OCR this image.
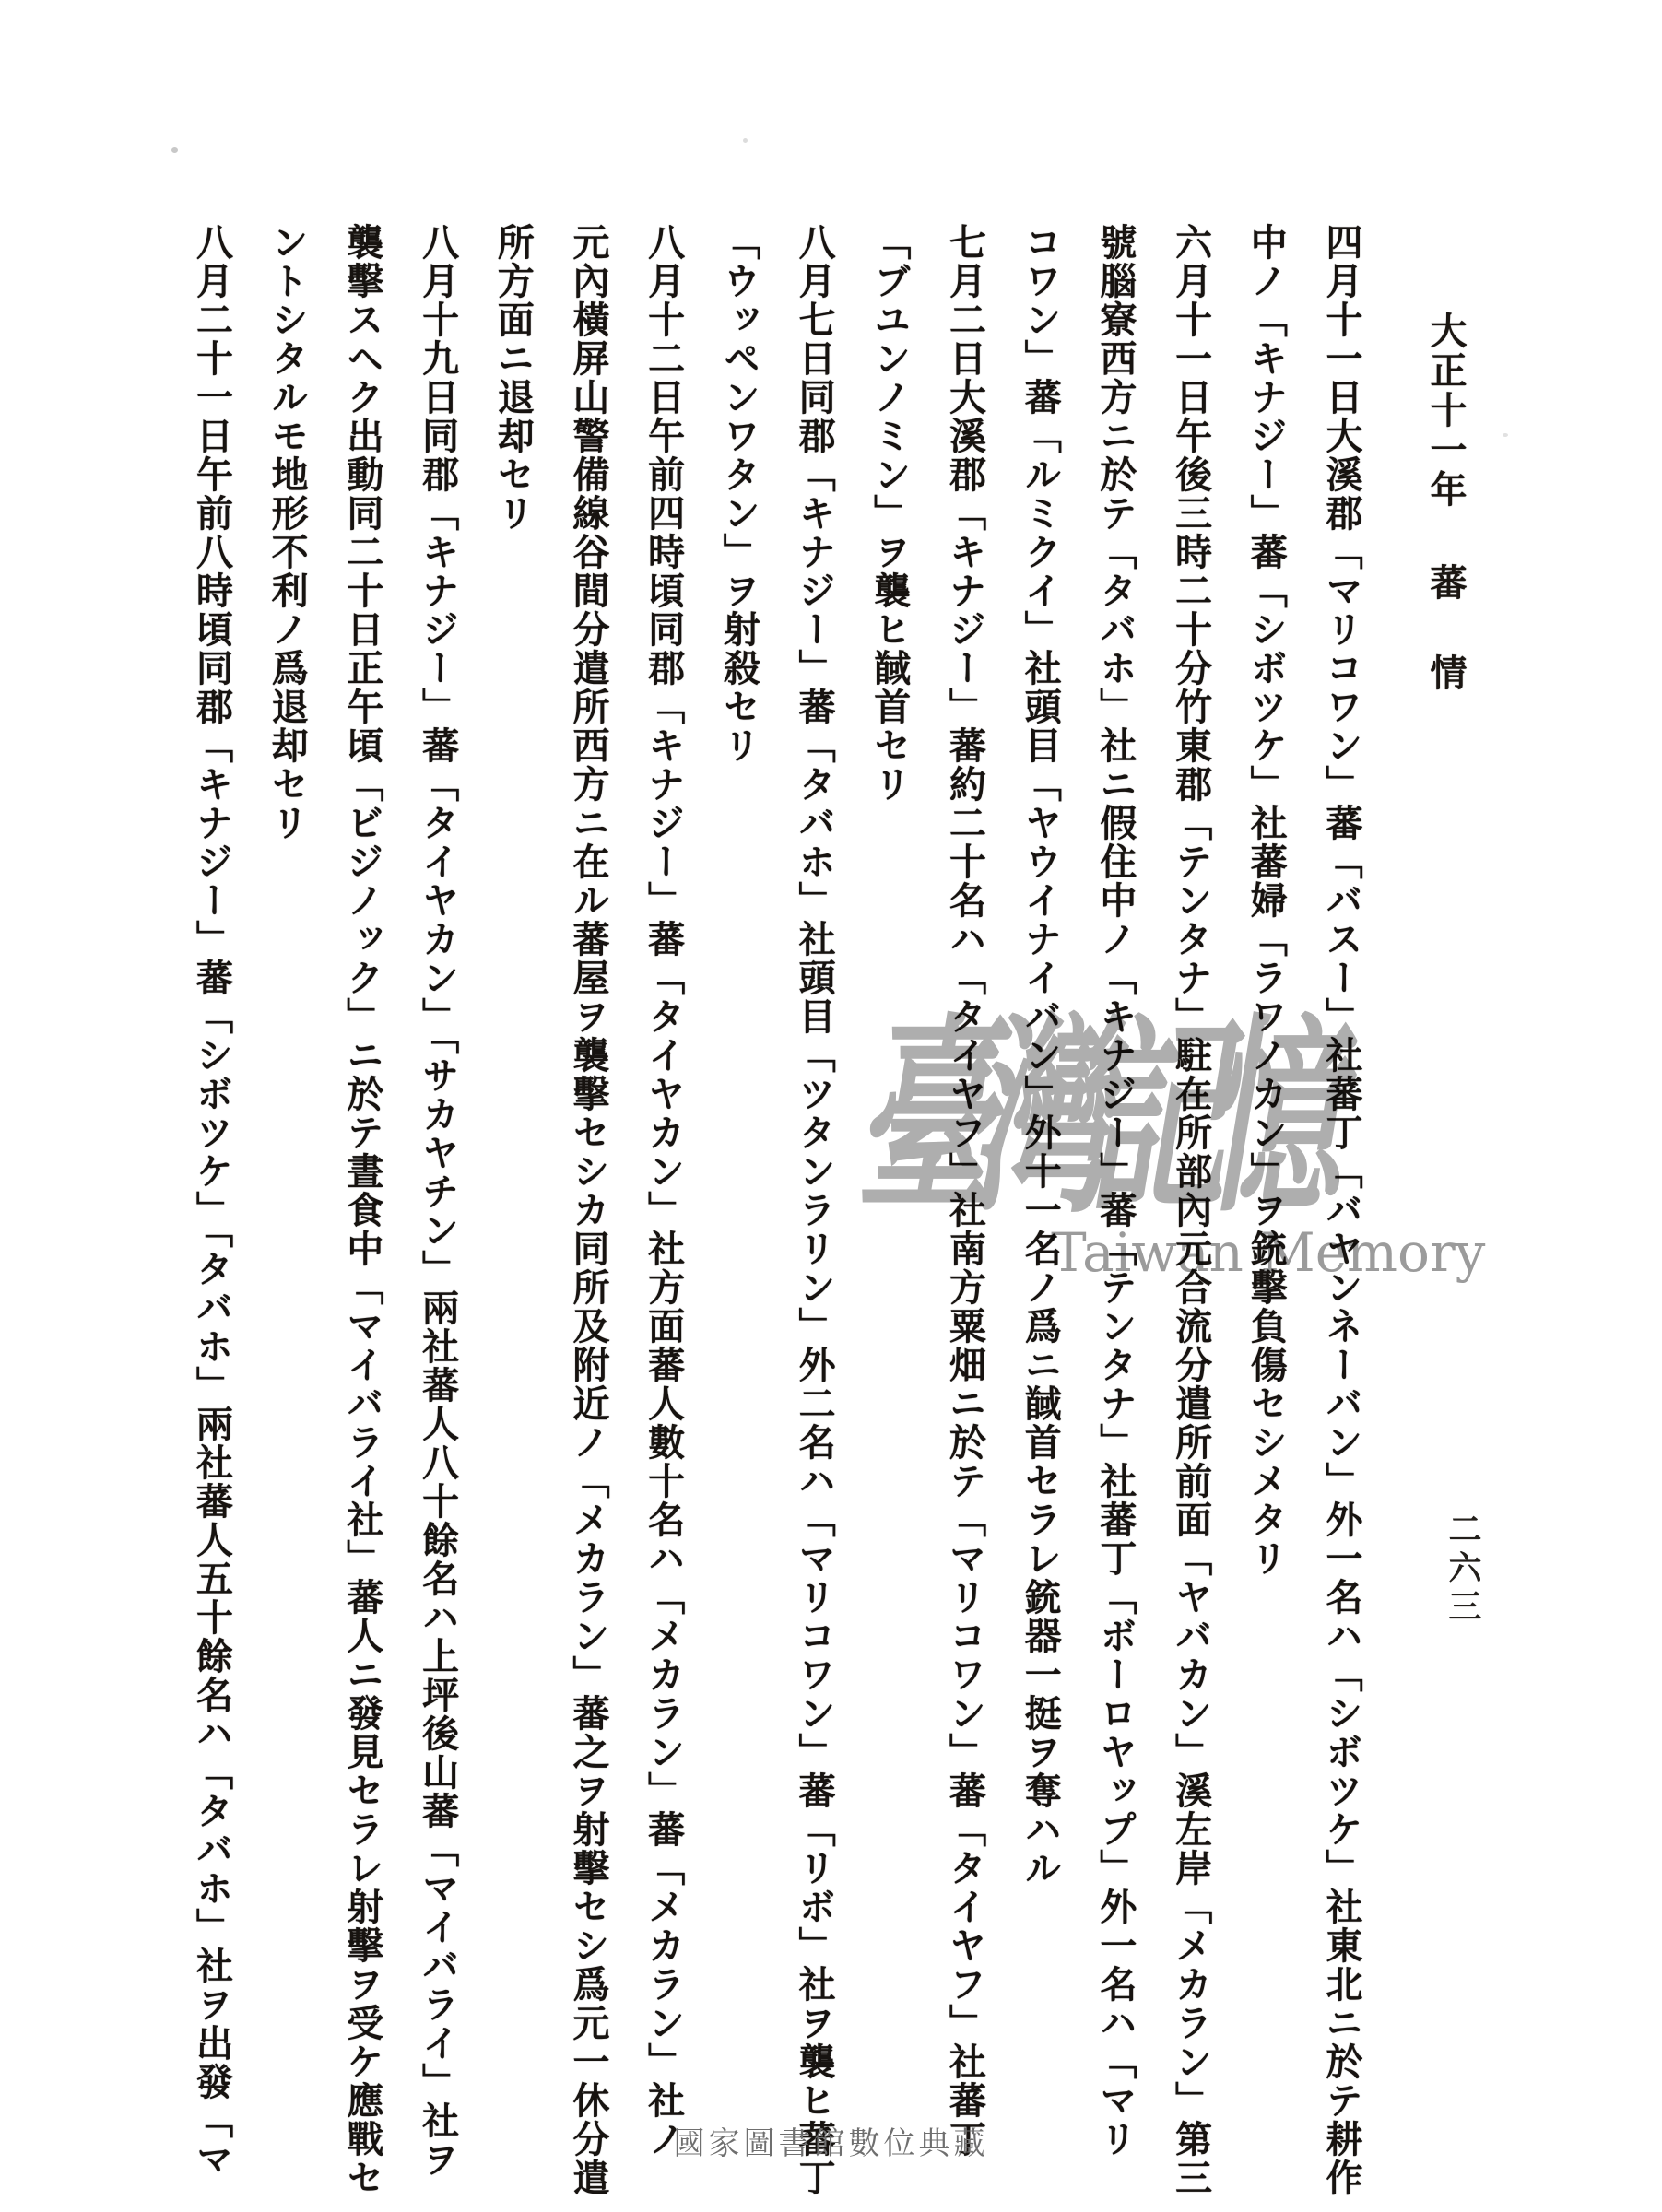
大正十一年蕃情
二六三

四月十一日大溪郡「マリコワン」蕃「バスー」社蕃丁「バヤンネーバン」外一名ハ「シボツケ」社東北ニ於テ耕作

中ノ「キナジー」蕃「シボツケ」社蕃婦「ラワノカン」ヲ銃擊負傷セシメタリ

六月十一日午後三時二十分竹東郡「テンタナ」駐在所部內元合流分遣所前面「ヤバカン」溪左岸「メカラン」第三

號腦寮西方ニ於テ「タバホ」社ニ假住中ノ「キナジー」蕃「テンタナ」社蕃丁「ボーロヤップ」外一名ハ「マリ

コワン」蕃「ルミクイ」社頭目「ヤウイナイバン」外十一名ノ爲ニ馘首セラレ銃器一挺ヲ奪ハル

七月二日大溪郡「キナジー」蕃約二十名ハ「タイヤフ」社南方粟畑ニ於テ「マリコワン」蕃「タイヤフ」社蕃丁

「ブユンノミン」ヲ襲ヒ馘首セリ

八月七日同郡「キナジー」蕃「タバホ」社頭目「ツタンラリン」外二名ハ「マリコワン」蕃「リボ」社ヲ襲ヒ蕃丁

「ウッペンワタン」ヲ射殺セリ

八月十二日午前四時頃同郡「キナジー」蕃「タイヤカン」社方面蕃人數十名ハ「メカラン」蕃「メカラン」社ノ

元內橫屏山警備線谷間分遣所西方ニ在ル蕃屋ヲ襲擊セシカ同所及附近ノ「メカラン」蕃之ヲ射擊セシ爲元一休分遣

所方面ニ退却セリ

八月十九日同郡「キナジー」蕃「タイヤカン」「サカヤチン」兩社蕃人八十餘名ハ上坪後山蕃「マイバライ」社ヲ

襲擊スヘク出動同二十日正午頃「ビジノック」ニ於テ晝食中「マイバライ社」蕃人ニ發見セラレ射擊ヲ受ケ應戰セ

ントシタルモ地形不利ノ爲退却セリ

八月二十一日午前八時頃同郡「キナジー」蕃「シボツケ」「タバホ」兩社蕃人五十餘名ハ「タバホ」社ヲ出發「マ	臺灣記憶
Taiwan Memory
國家圖書館數位典藏
